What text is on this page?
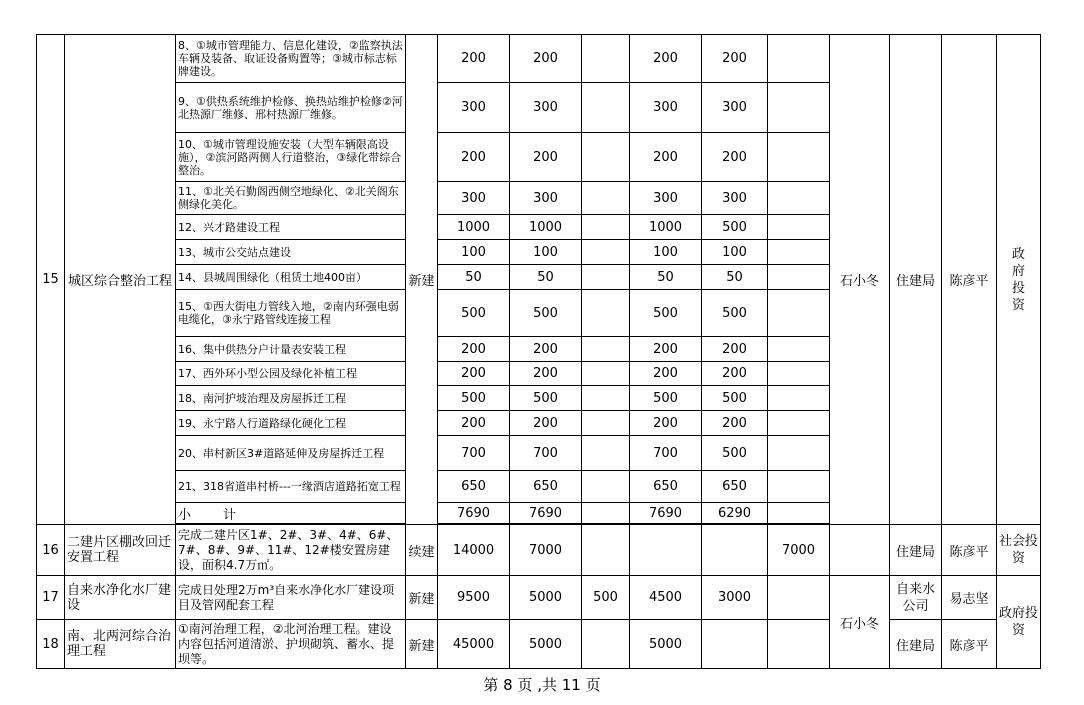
15	城区综合整治工程	8、①城市管理能力、信息化建设，②监察执法车辆及装备、取证设备购置等；③城市标志标牌建设。	新建	200	200		200	200		石小冬	住建局	陈彦平	政府投资
		9、①供热系统维护检修、换热站维护检修②河北热源厂维修、邢村热源厂维修。		300	300		300	300					
		10、①城市管理设施安装（大型车辆限高设施），②滨河路两侧人行道整治，③绿化带综合整治。		200	200		200	200					
		11、①北关石勤阁西侧空地绿化、②北关阁东侧绿化美化。		300	300		300	300					
		12、兴才路建设工程		1000	1000		1000	500					
		13、城市公交站点建设		100	100		100	100					
		14、县城周围绿化（租赁土地400亩）		50	50		50	50					
		15、①西大街电力管线入地，②南内环强电弱电缆化，③永宁路管线连接工程		500	500		500	500					
		16、集中供热分户计量表安装工程		200	200		200	200					
		17、西外环小型公园及绿化补植工程		200	200		200	200					
		18、南河护坡治理及房屋拆迁工程		500	500		500	500					
		19、永宁路人行道路绿化硬化工程		200	200		200	200					
		20、串村新区3#道路延伸及房屋拆迁工程		700	700		700	500					
		21、318省道串村桥---一缘酒店道路拓宽工程		650	650		650	650					
		小　　计		7690	7690		7690	6290					

16	二建片区棚改回迁安置工程	完成二建片区1#、2#、3#、4#、6#、7#、8#、9#、11#、12#楼安置房建设，面积4.7万㎡。	续建	14000	7000				7000		住建局	陈彦平	社会投资
17	自来水净化水厂建设	完成日处理2万m³自来水净化水厂建设项目及管网配套工程	新建	9500	5000	500	4500	3000		石小冬	自来水公司	易志坚	政府投资
18	南、北两河综合治理工程	①南河治理工程，②北河治理工程。建设内容包括河道清淤、护坝砌筑、蓄水、提坝等。	新建	45000	5000		5000				住建局	陈彦平	
第 8 页 ,共 11 页
